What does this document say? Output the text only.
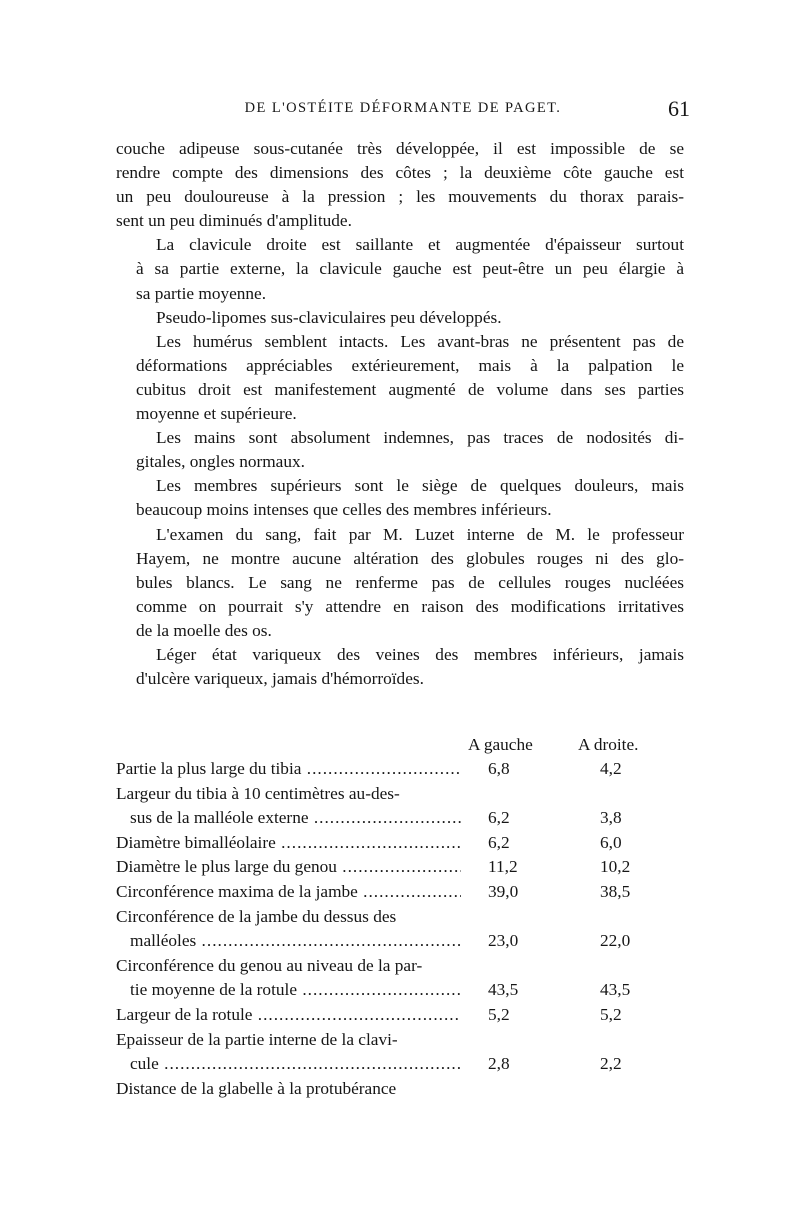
DE L'OSTÉITE DÉFORMANTE DE PAGET.	61
couche adipeuse sous-cutanée très développée, il est impossible de se
rendre compte des dimensions des côtes ; la deuxième côte gauche est
un peu douloureuse à la pression ; les mouvements du thorax parais-
sent un peu diminués d'amplitude.
La clavicule droite est saillante et augmentée d'épaisseur surtout
à sa partie externe, la clavicule gauche est peut-être un peu élargie à
sa partie moyenne.
Pseudo-lipomes sus-claviculaires peu développés.
Les humérus semblent intacts. Les avant-bras ne présentent pas de
déformations appréciables extérieurement, mais à la palpation le
cubitus droit est manifestement augmenté de volume dans ses parties
moyenne et supérieure.
Les mains sont absolument indemnes, pas traces de nodosités di-
gitales, ongles normaux.
Les membres supérieurs sont le siège de quelques douleurs, mais
beaucoup moins intenses que celles des membres inférieurs.
L'examen du sang, fait par M. Luzet interne de M. le professeur
Hayem, ne montre aucune altération des globules rouges ni des glo-
bules blancs. Le sang ne renferme pas de cellules rouges nucléées
comme on pourrait s'y attendre en raison des modifications irritatives
de la moelle des os.
Léger état variqueux des veines des membres inférieurs, jamais
d'ulcère variqueux, jamais d'hémorroïdes.
A gauche	A droite.
Partie la plus large du tibia .....	6,8	4,2
Largeur du tibia à 10 centimètres au-des-
sus de la malléole externe .....	6,2	3,8
Diamètre bimalléolaire .....	6,2	6,0
Diamètre le plus large du genou .....	11,2	10,2
Circonférence maxima de la jambe .....	39,0	38,5
Circonférence de la jambe du dessus des
malléoles .....	23,0	22,0
Circonférence du genou au niveau de la par-
tie moyenne de la rotule .....	43,5	43,5
Largeur de la rotule .....	5,2	5,2
Epaisseur de la partie interne de la clavi-
cule .....	2,8	2,2
Distance de la glabelle à la protubérance
